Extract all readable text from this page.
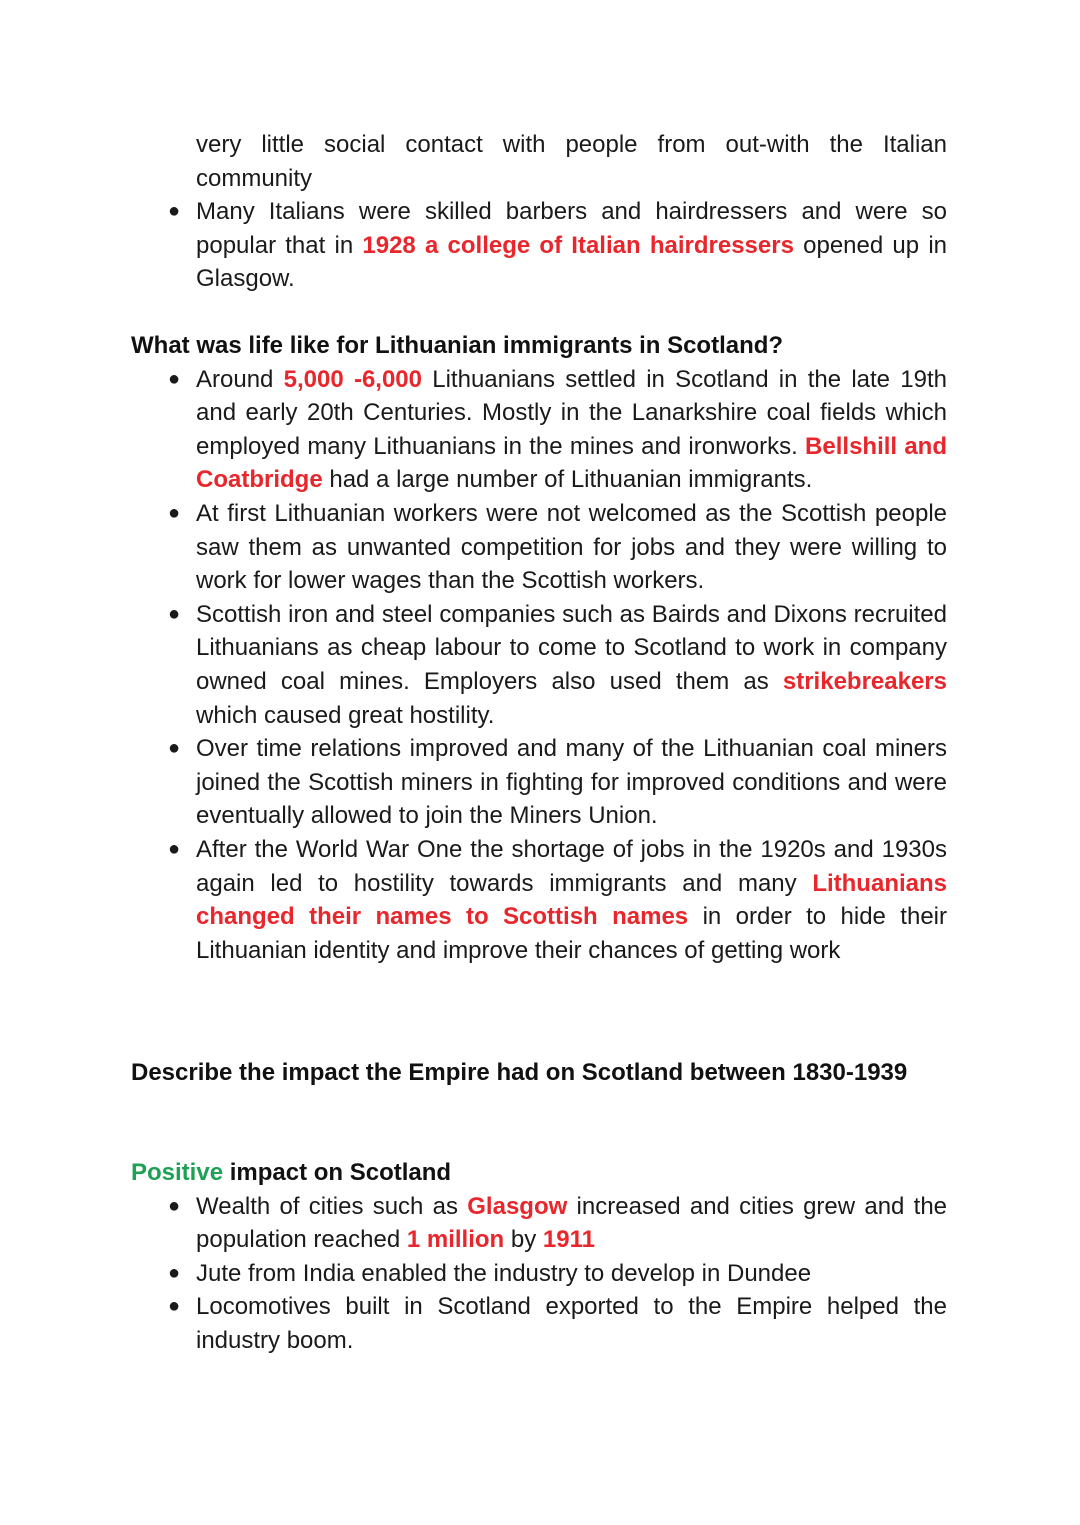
very little social contact with people from out-with the Italian community
● Many Italians were skilled barbers and hairdressers and were so popular that in 1928 a college of Italian hairdressers opened up in Glasgow.
What was life like for Lithuanian immigrants in Scotland?
● Around 5,000 -6,000 Lithuanians settled in Scotland in the late 19th and early 20th Centuries. Mostly in the Lanarkshire coal fields which employed many Lithuanians in the mines and ironworks. Bellshill and Coatbridge had a large number of Lithuanian immigrants.
● At first Lithuanian workers were not welcomed as the Scottish people saw them as unwanted competition for jobs and they were willing to work for lower wages than the Scottish workers.
● Scottish iron and steel companies such as Bairds and Dixons recruited Lithuanians as cheap labour to come to Scotland to work in company owned coal mines. Employers also used them as strikebreakers which caused great hostility.
● Over time relations improved and many of the Lithuanian coal miners joined the Scottish miners in fighting for improved conditions and were eventually allowed to join the Miners Union.
● After the World War One the shortage of jobs in the 1920s and 1930s again led to hostility towards immigrants and many Lithuanians changed their names to Scottish names in order to hide their Lithuanian identity and improve their chances of getting work
Describe the impact the Empire had on Scotland between 1830-1939
Positive impact on Scotland
● Wealth of cities such as Glasgow increased and cities grew and the population reached 1 million by 1911
● Jute from India enabled the industry to develop in Dundee
● Locomotives built in Scotland exported to the Empire helped the industry boom.
